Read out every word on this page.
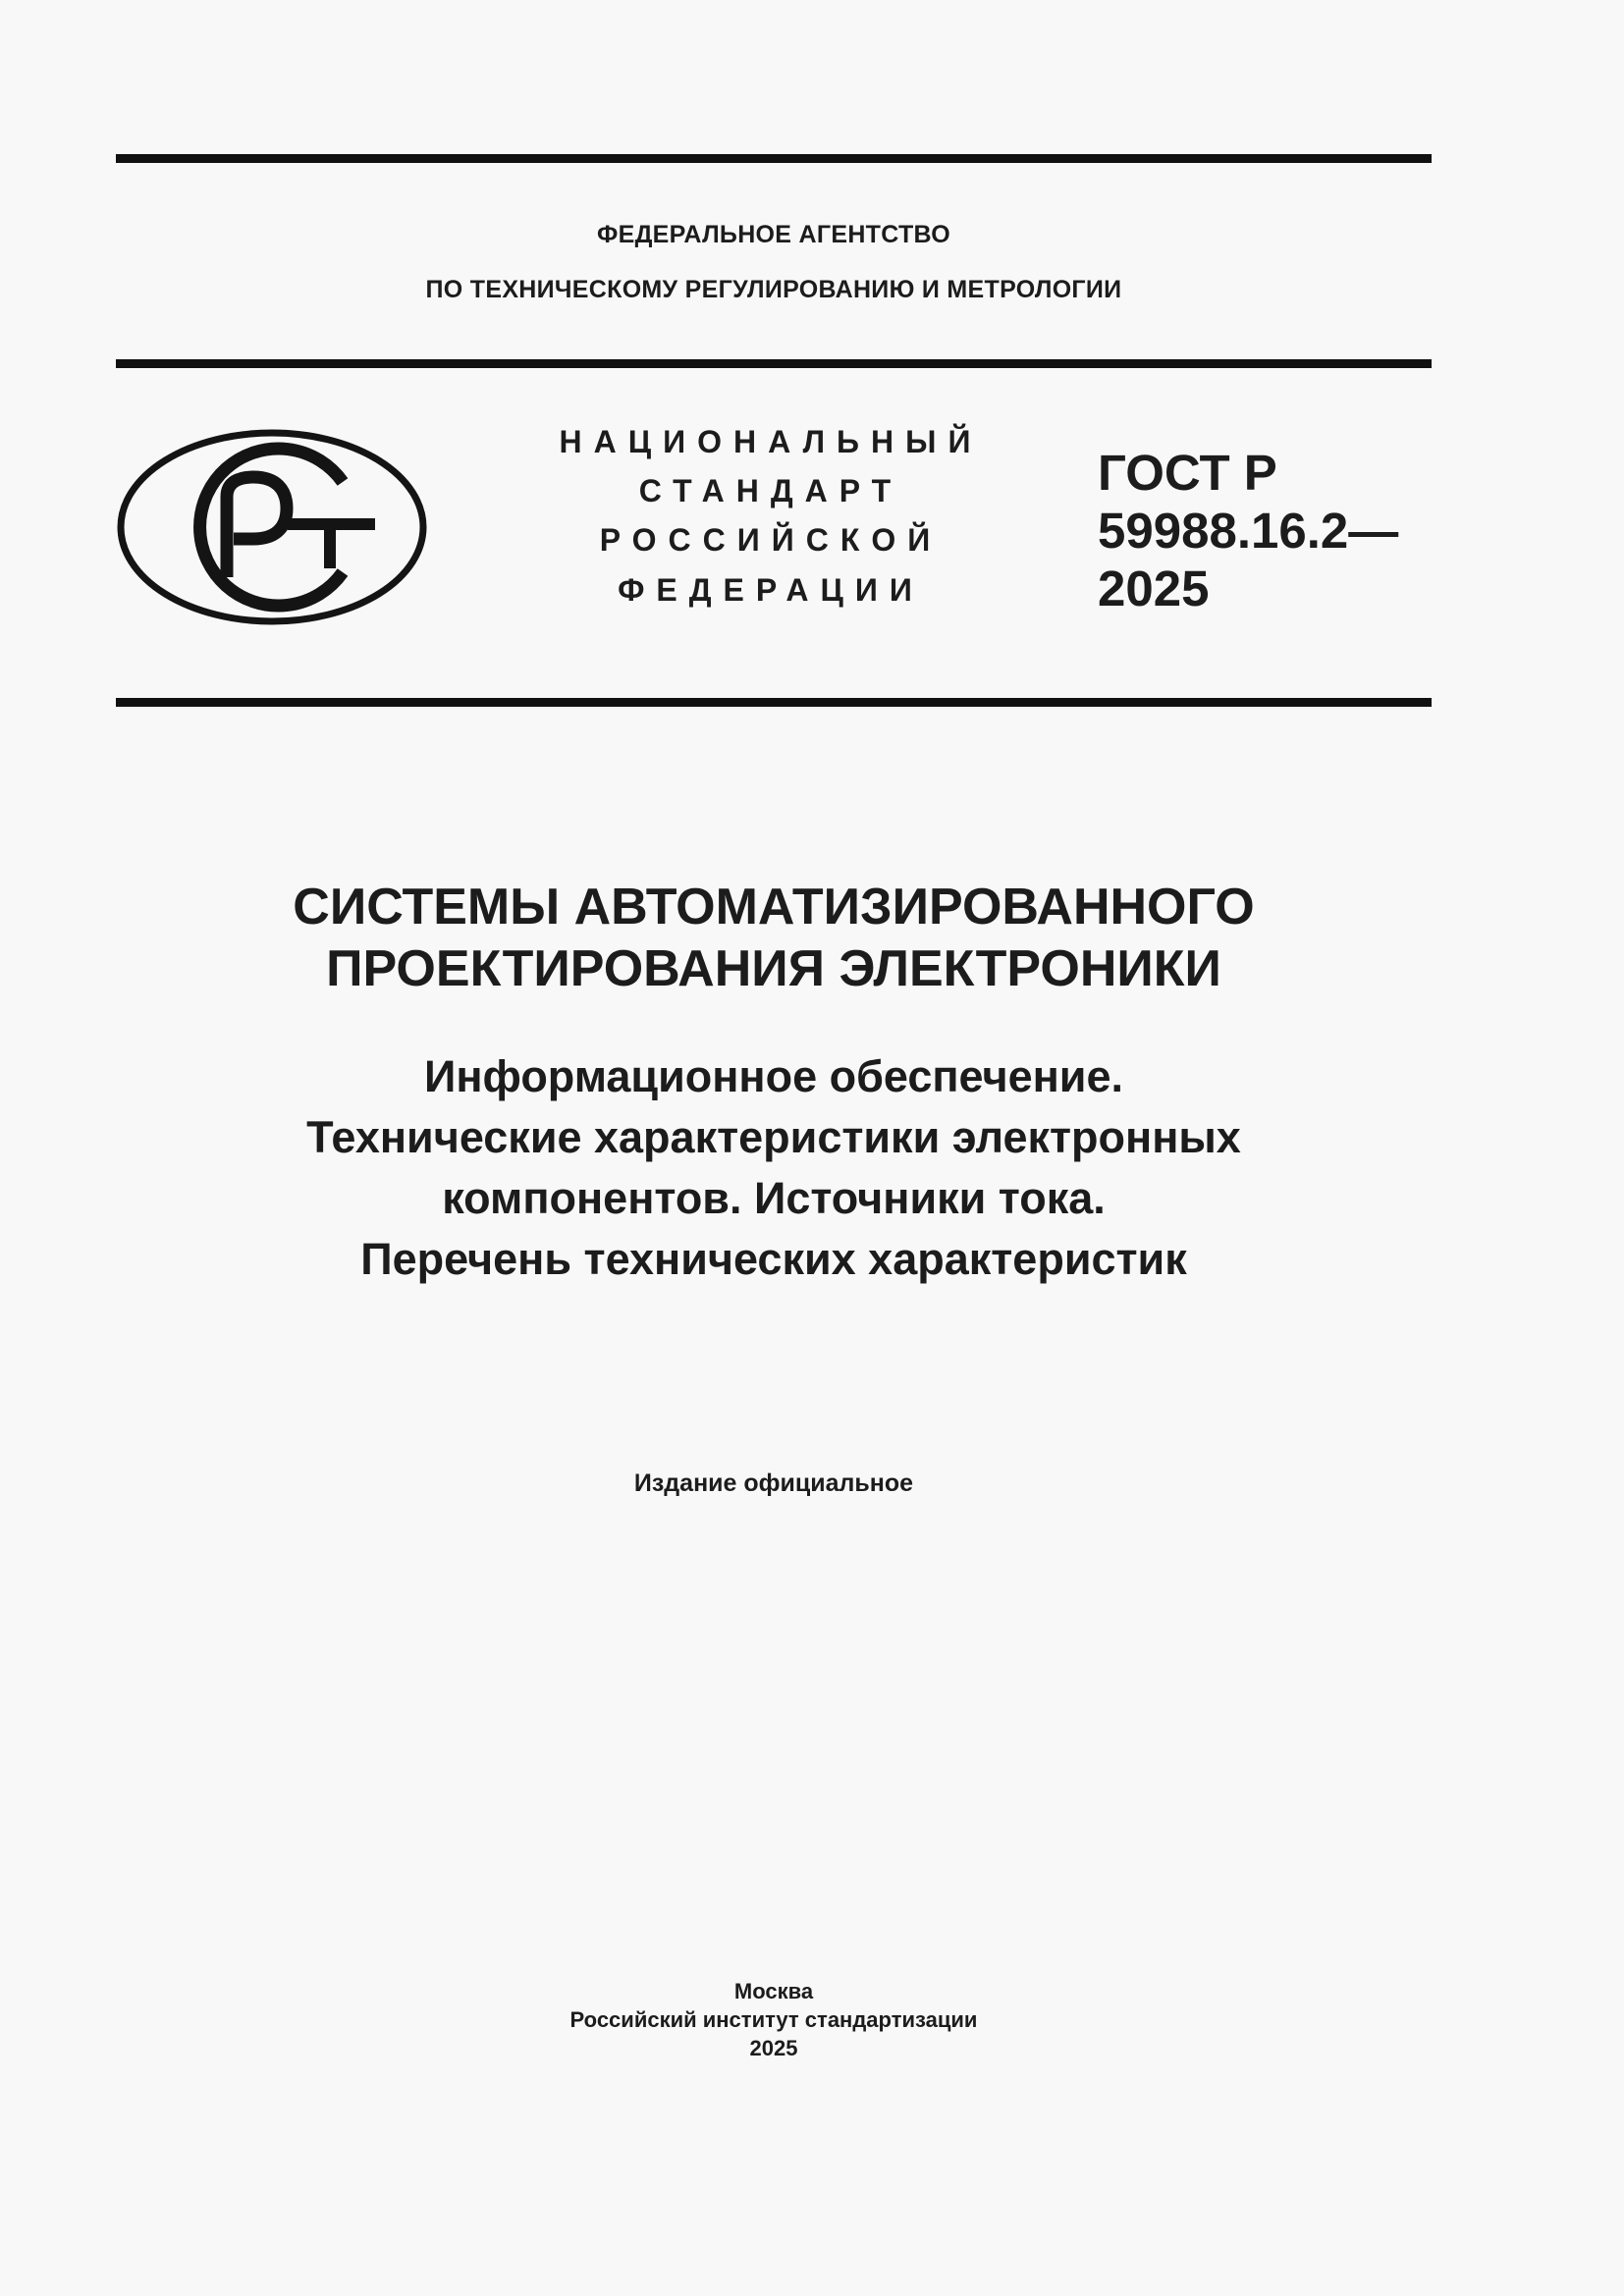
ФЕДЕРАЛЬНОЕ АГЕНТСТВО
ПО ТЕХНИЧЕСКОМУ РЕГУЛИРОВАНИЮ И МЕТРОЛОГИИ
НАЦИОНАЛЬНЫЙ
СТАНДАРТ
РОССИЙСКОЙ
ФЕДЕРАЦИИ
ГОСТ Р
59988.16.2—
2025
СИСТЕМЫ АВТОМАТИЗИРОВАННОГО
ПРОЕКТИРОВАНИЯ ЭЛЕКТРОНИКИ
Информационное обеспечение.
Технические характеристики электронных
компонентов. Источники тока.
Перечень технических характеристик
Издание официальное
Москва
Российский институт стандартизации
2025
